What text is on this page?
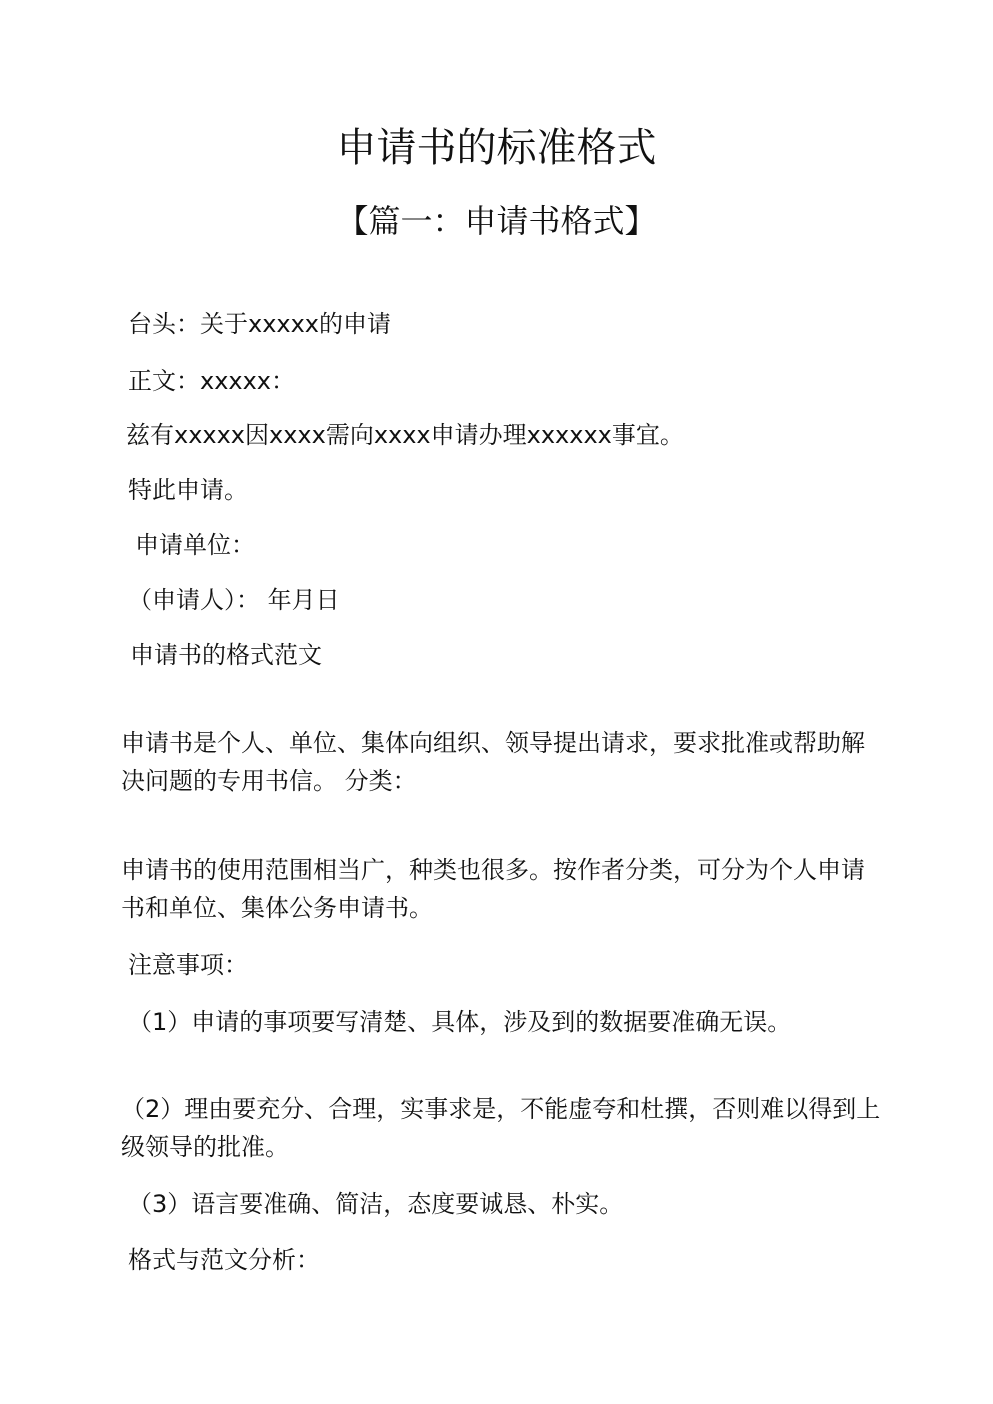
申请书的标准格式
【篇一：申请书格式】

台头：关于xxxxx的申请

正文：xxxxx：

兹有xxxxx因xxxx需向xxxx申请办理xxxxxx事宜。

特此申请。

申请单位：

（申请人）： 年月日

申请书的格式范文

申请书是个人、单位、集体向组织、领导提出请求，要求批准或帮助解决问题的专用书信。 分类：

申请书的使用范围相当广，种类也很多。按作者分类，可分为个人申请书和单位、集体公务申请书。

注意事项：

（1）申请的事项要写清楚、具体，涉及到的数据要准确无误。

（2）理由要充分、合理，实事求是，不能虚夸和杜撰，否则难以得到上级领导的批准。

（3）语言要准确、简洁，态度要诚恳、朴实。

格式与范文分析：
